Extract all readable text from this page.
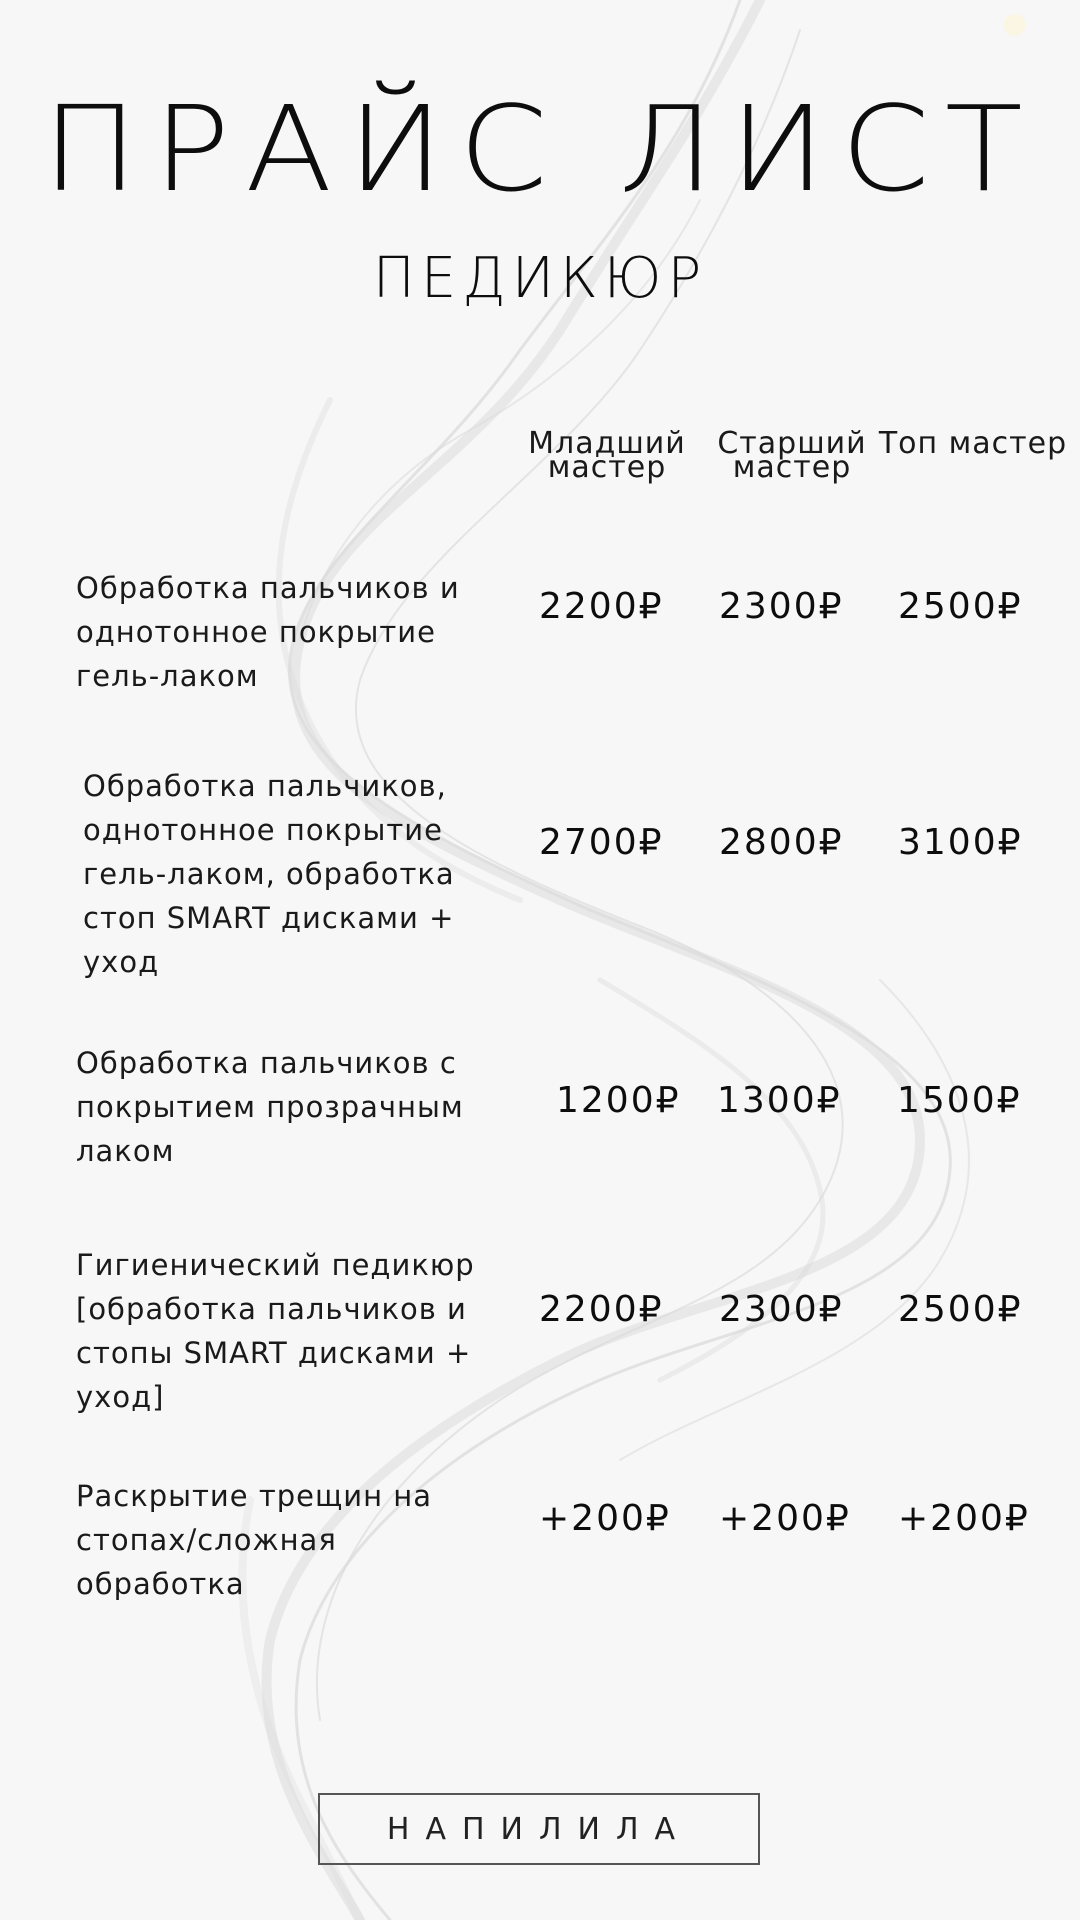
ПРАЙС ЛИСТ
ПЕДИКЮР
Младший мастер
Старший мастер
Топ мастер
Обработка пальчиков и однотонное покрытие гель-лаком
2200₽ 2300₽ 2500₽
Обработка пальчиков, однотонное покрытие гель-лаком, обработка стоп SMART дисками + уход
2700₽ 2800₽ 3100₽
Обработка пальчиков с покрытием прозрачным лаком
1200₽ 1300₽ 1500₽
Гигиенический педикюр [обработка пальчиков и стопы SMART дисками + уход]
2200₽ 2300₽ 2500₽
Раскрытие трещин на стопах/сложная обработка
+200₽ +200₽ +200₽
НАПИЛИЛА
